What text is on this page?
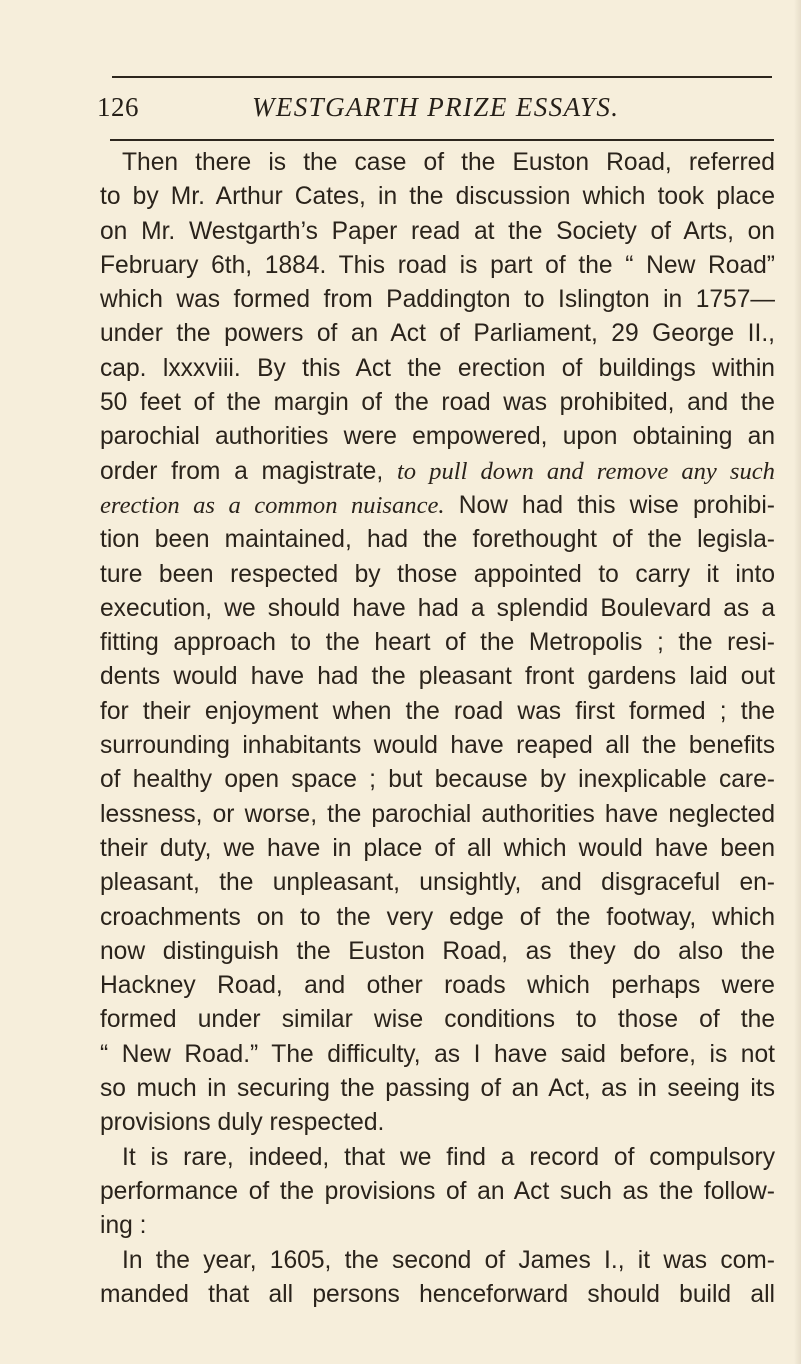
126	WESTGARTH PRIZE ESSAYS.
Then there is the case of the Euston Road, referred
to by Mr. Arthur Cates, in the discussion which took place
on Mr. Westgarth’s Paper read at the Society of Arts, on
February 6th, 1884. This road is part of the “ New Road”
which was formed from Paddington to Islington in 1757—
under the powers of an Act of Parliament, 29 George II.,
cap. lxxxviii. By this Act the erection of buildings within
50 feet of the margin of the road was prohibited, and the
parochial authorities were empowered, upon obtaining an
order from a magistrate, to pull down and remove any such
erection as a common nuisance. Now had this wise prohibi-
tion been maintained, had the forethought of the legisla-
ture been respected by those appointed to carry it into
execution, we should have had a splendid Boulevard as a
fitting approach to the heart of the Metropolis ; the resi-
dents would have had the pleasant front gardens laid out
for their enjoyment when the road was first formed ; the
surrounding inhabitants would have reaped all the benefits
of healthy open space ; but because by inexplicable care-
lessness, or worse, the parochial authorities have neglected
their duty, we have in place of all which would have been
pleasant, the unpleasant, unsightly, and disgraceful en-
croachments on to the very edge of the footway, which
now distinguish the Euston Road, as they do also the
Hackney Road, and other roads which perhaps were
formed under similar wise conditions to those of the
“ New Road.” The difficulty, as I have said before, is not
so much in securing the passing of an Act, as in seeing its
provisions duly respected.
It is rare, indeed, that we find a record of compulsory
performance of the provisions of an Act such as the follow-
ing :
In the year, 1605, the second of James I., it was com-
manded that all persons henceforward should build all
